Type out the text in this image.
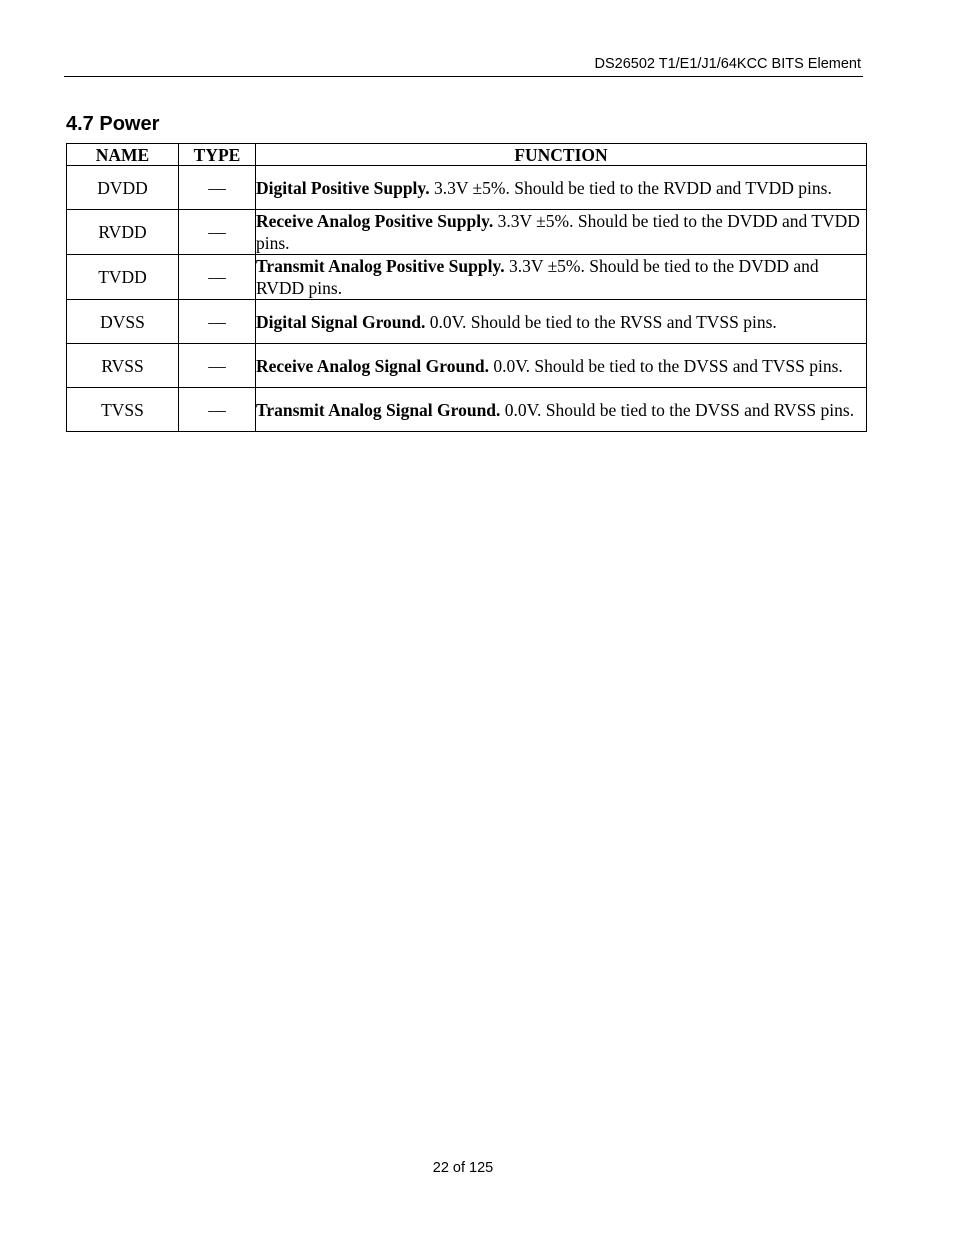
DS26502 T1/E1/J1/64KCC BITS Element
4.7 Power
NAME	TYPE	FUNCTION
DVDD	—	Digital Positive Supply. 3.3V ±5%. Should be tied to the RVDD and TVDD pins.
RVDD	—	Receive Analog Positive Supply. 3.3V ±5%. Should be tied to the DVDD and TVDD pins.
TVDD	—	Transmit Analog Positive Supply. 3.3V ±5%. Should be tied to the DVDD and RVDD pins.
DVSS	—	Digital Signal Ground. 0.0V. Should be tied to the RVSS and TVSS pins.
RVSS	—	Receive Analog Signal Ground. 0.0V. Should be tied to the DVSS and TVSS pins.
TVSS	—	Transmit Analog Signal Ground. 0.0V. Should be tied to the DVSS and RVSS pins.
22 of 125
